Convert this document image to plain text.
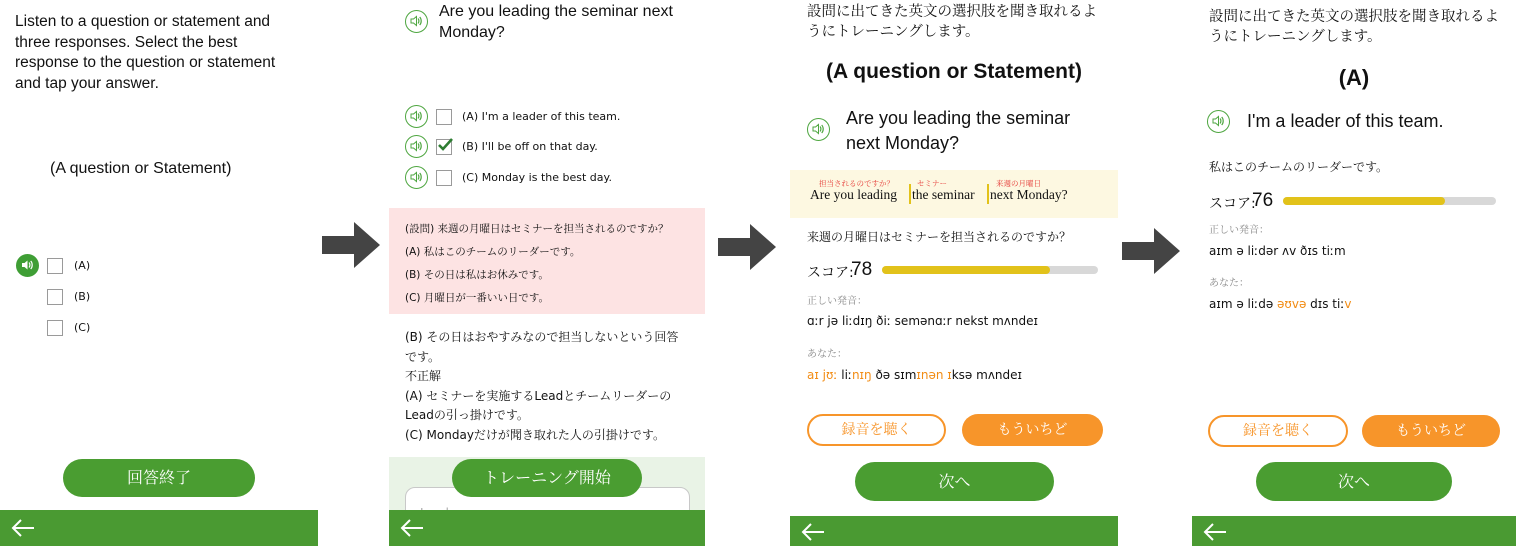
Listen to a question or statement and three responses. Select the best response to the question or statement and tap your answer.
(A question or Statement)
(A)
(B)
(C)
回答終了
Are you leading the seminar next Monday?
(A) I'm a leader of this team.
(B) I'll be off on that day.
(C) Monday is the best day.
(設問) 来週の月曜日はセミナーを担当されるのですか？
(A) 私はこのチームのリーダーです。
(B) その日は私はお休みです。
(C) 月曜日が一番いい日です。
(B) その日はおやすみなので担当しないという回答
です。
不正解
(A) セミナーを実施するLeadとチームリーダーの
Leadの引っ掛けです。
(C) Mondayだけが聞き取れた人の引掛けです。
トレーニング開始
設問に出てきた英文の選択肢を聞き取れるようにトレーニングします。
(A question or Statement)
Are you leading the seminar next Monday?
担当されるのですか？	セミナー	来週の月曜日
Are you leading the seminar next Monday?
来週の月曜日はセミナーを担当されるのですか？
スコア:
78
正しい発音：
ɑːr jə liːdɪŋ ðiː semənɑːr nekst mʌndeɪ
あなた：
aɪ jʊː liːnɪŋ ðə sɪmɪnən ɪksə mʌndeɪ
録音を聴く	もういちど
次へ
設問に出てきた英文の選択肢を聞き取れるようにトレーニングします。
(A)
I'm a leader of this team.
私はこのチームのリーダーです。
スコア:
76
正しい発音：
aɪm ə liːdər ʌv ðɪs tiːm
あなた：
aɪm ə liːdə əʊvə dɪs tiːv
録音を聴く	もういちど
次へ
